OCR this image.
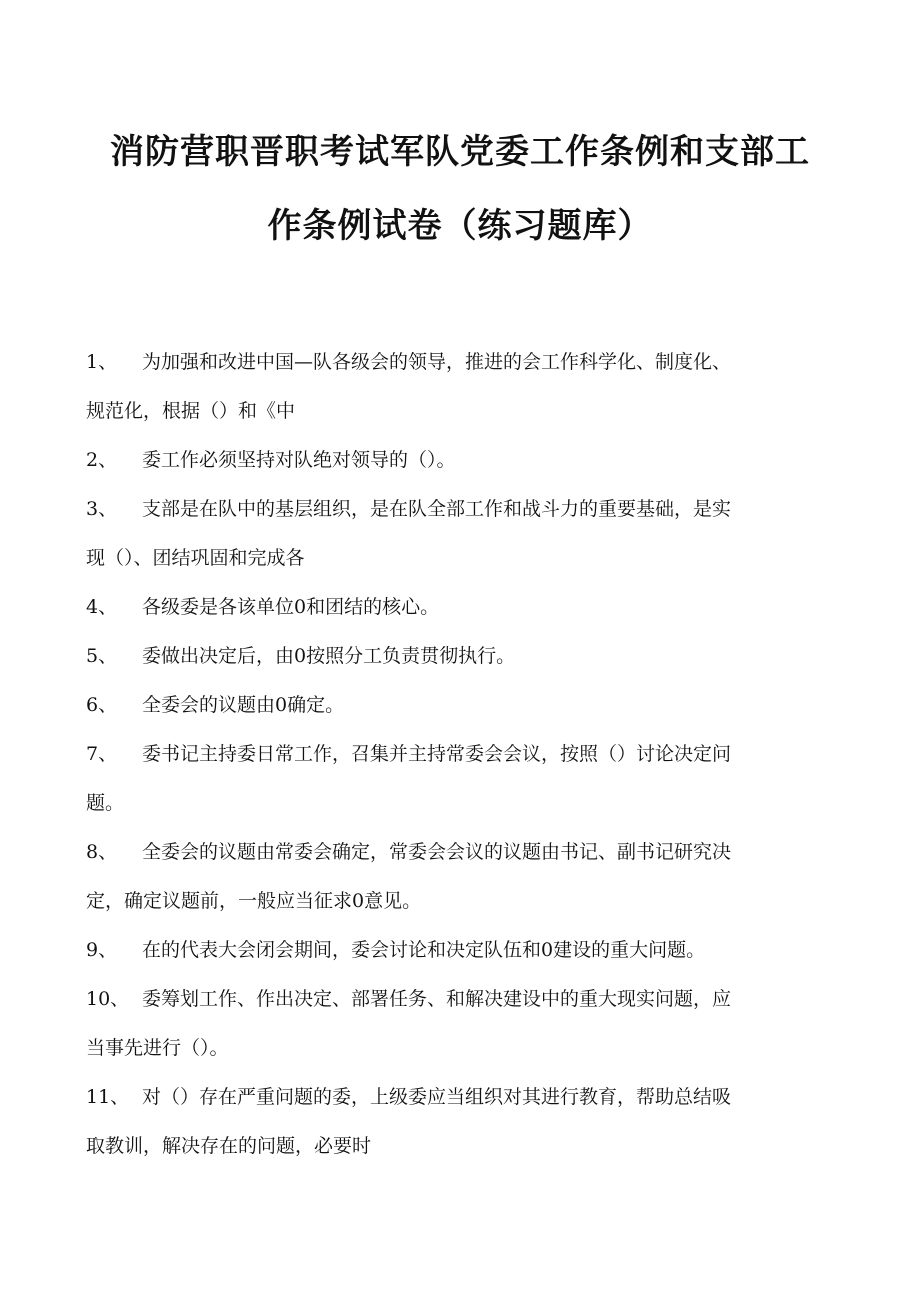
消防营职晋职考试军队党委工作条例和支部工
作条例试卷（练习题库）
1、 为加强和改进中国—队各级会的领导，推进的会工作科学化、制度化、
规范化，根据（）和《中
2、 委工作必须坚持对队绝对领导的（）。
3、 支部是在队中的基层组织，是在队全部工作和战斗力的重要基础，是实
现（）、团结巩固和完成各
4、 各级委是各该单位0和团结的核心。
5、 委做出决定后，由0按照分工负责贯彻执行。
6、 全委会的议题由0确定。
7、 委书记主持委日常工作，召集并主持常委会会议，按照（）讨论决定问
题。
8、 全委会的议题由常委会确定，常委会会议的议题由书记、副书记研究决
定，确定议题前，一般应当征求0意见。
9、 在的代表大会闭会期间，委会讨论和决定队伍和0建设的重大问题。
10、 委筹划工作、作出决定、部署任务、和解决建设中的重大现实问题，应
当事先进行（）。
11、 对（）存在严重问题的委，上级委应当组织对其进行教育，帮助总结吸
取教训，解决存在的问题，必要时
